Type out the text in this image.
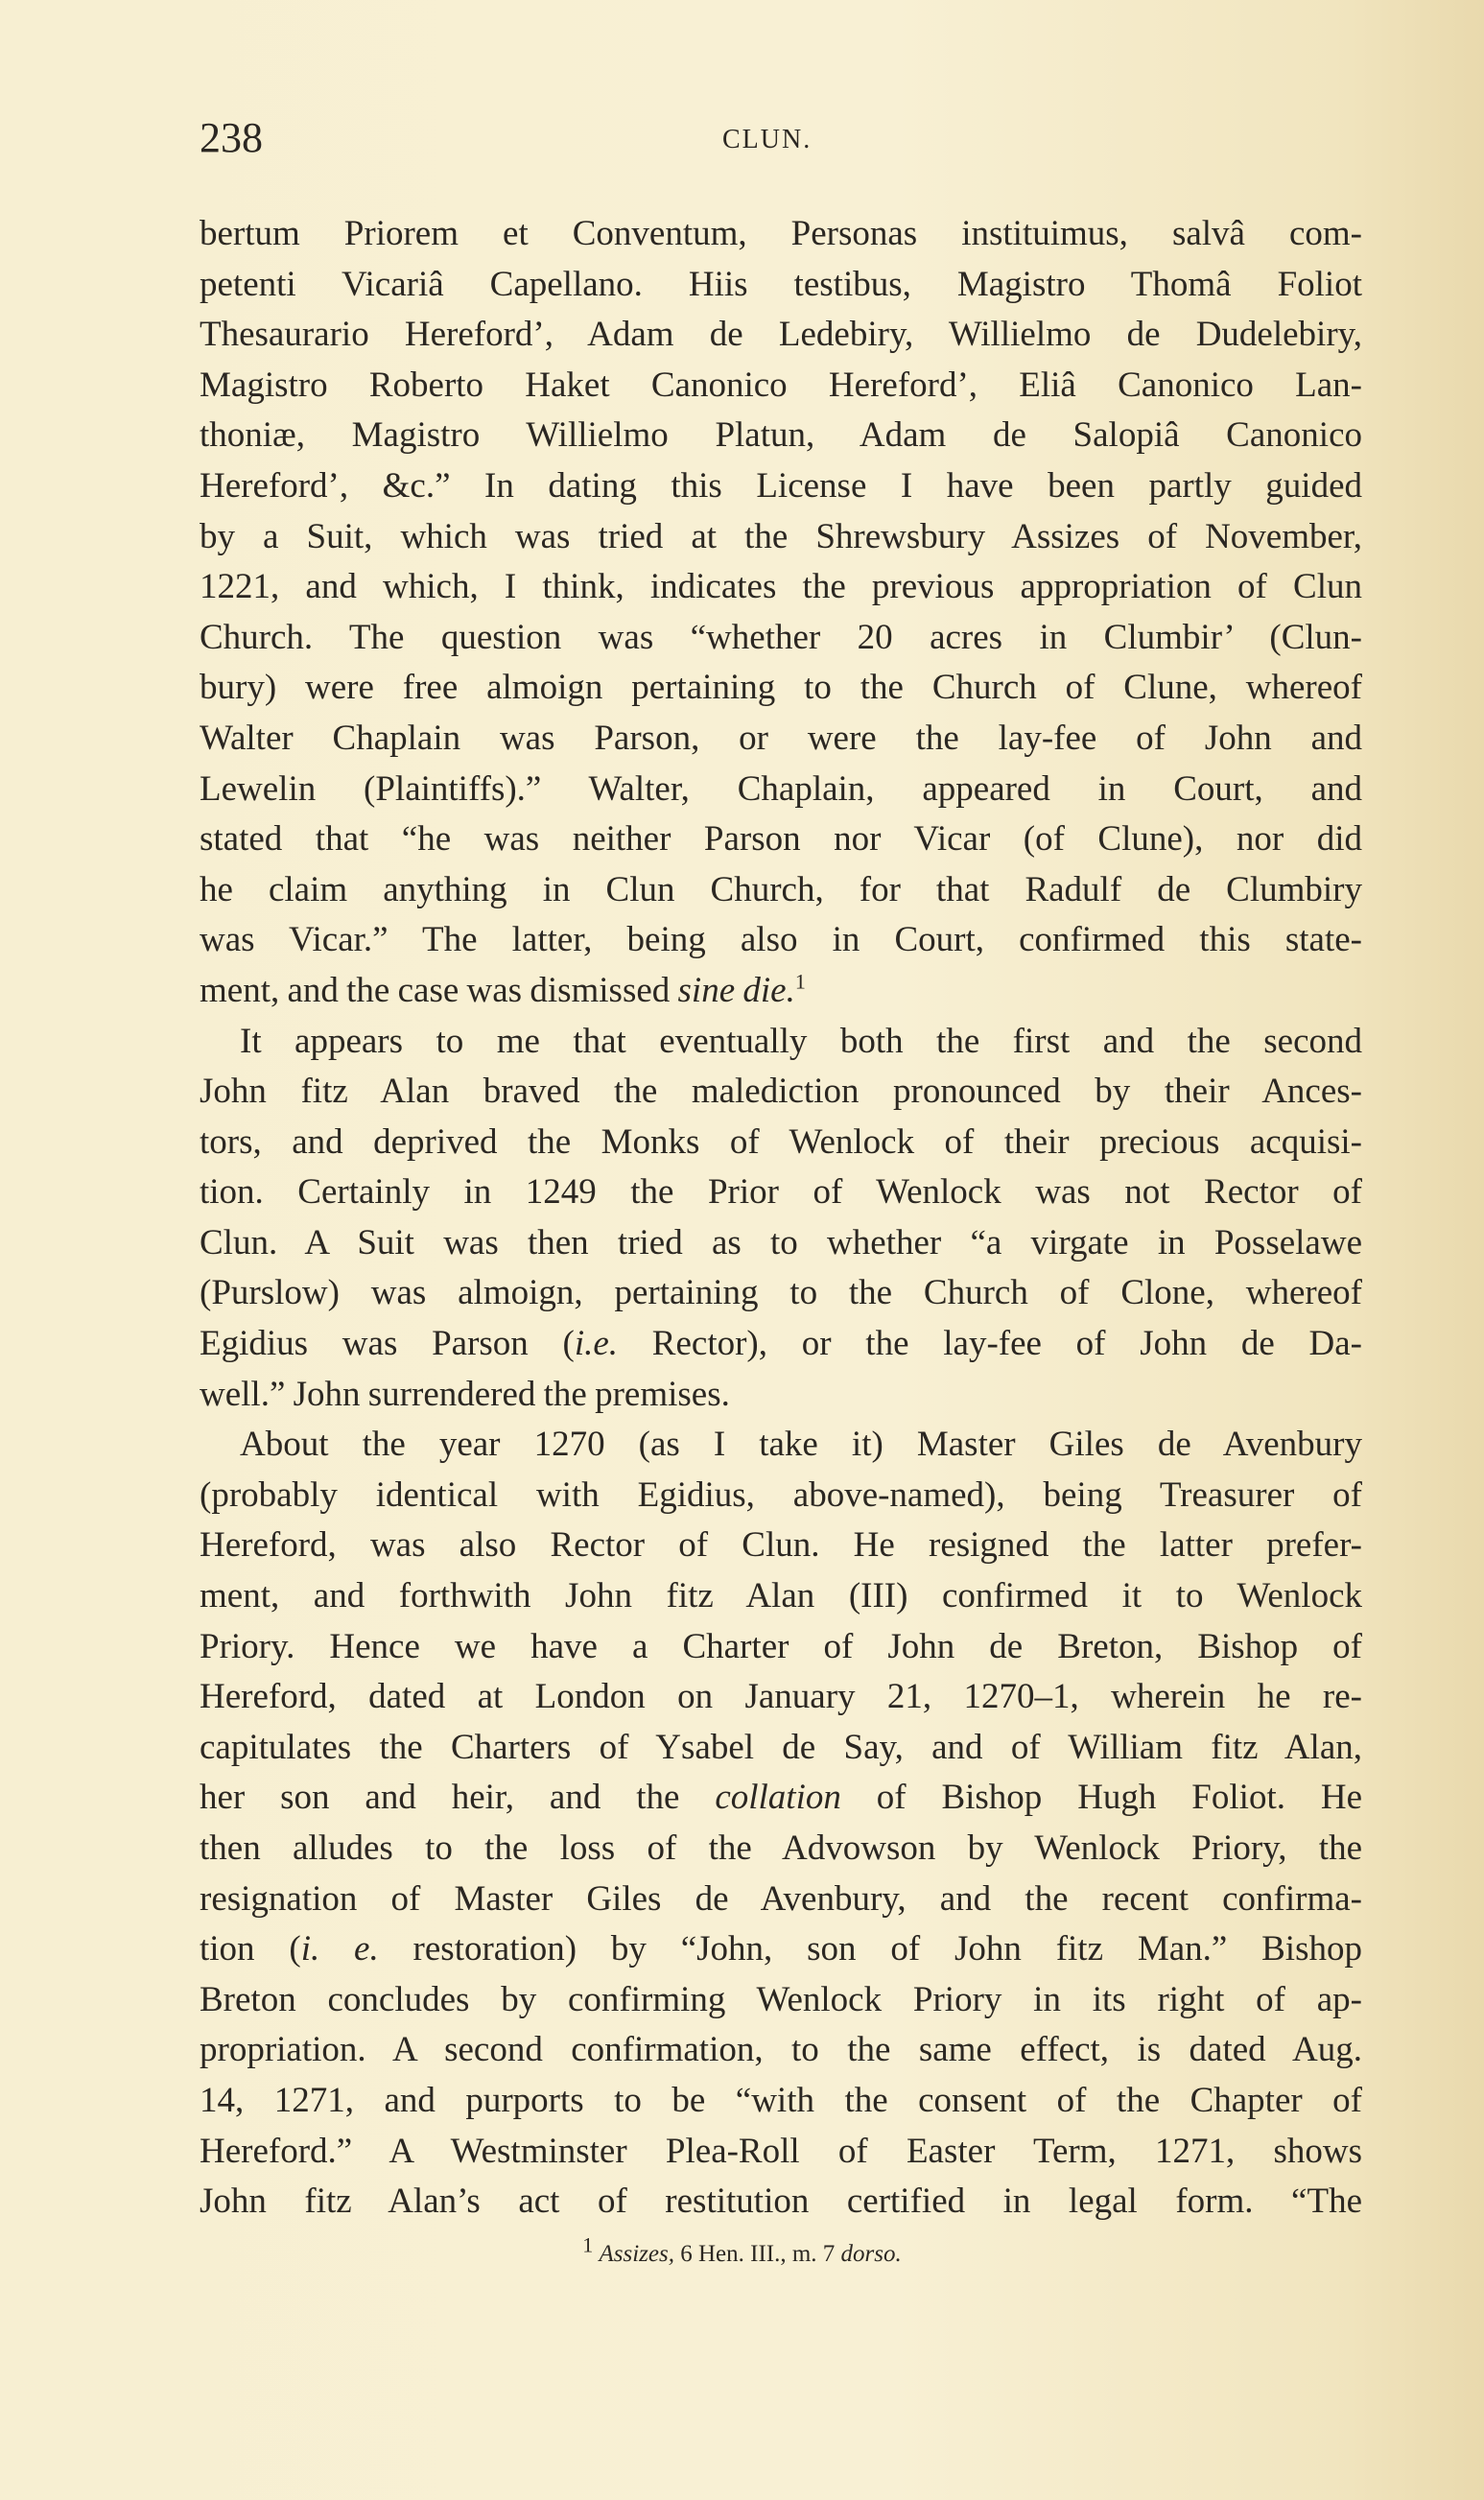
238	CLUN.
bertum Priorem et Conventum, Personas instituimus, salvâ com-
petenti Vicariâ Capellano. Hiis testibus, Magistro Thomâ Foliot
Thesaurario Hereford’, Adam de Ledebiry, Willielmo de Dudelebiry,
Magistro Roberto Haket Canonico Hereford’, Eliâ Canonico Lan-
thoniæ, Magistro Willielmo Platun, Adam de Salopiâ Canonico
Hereford’, &c.” In dating this License I have been partly guided
by a Suit, which was tried at the Shrewsbury Assizes of November,
1221, and which, I think, indicates the previous appropriation of Clun
Church. The question was “whether 20 acres in Clumbir’ (Clun-
bury) were free almoign pertaining to the Church of Clune, whereof
Walter Chaplain was Parson, or were the lay-fee of John and
Lewelin (Plaintiffs).” Walter, Chaplain, appeared in Court, and
stated that “he was neither Parson nor Vicar (of Clune), nor did
he claim anything in Clun Church, for that Radulf de Clumbiry
was Vicar.” The latter, being also in Court, confirmed this state-
ment, and the case was dismissed sine die.$^1$
It appears to me that eventually both the first and the second
John fitz Alan braved the malediction pronounced by their Ances-
tors, and deprived the Monks of Wenlock of their precious acquisi-
tion. Certainly in 1249 the Prior of Wenlock was not Rector of
Clun. A Suit was then tried as to whether “a virgate in Posselawe
(Purslow) was almoign, pertaining to the Church of Clone, whereof
Egidius was Parson (i.e. Rector), or the lay-fee of John de Da-
well.” John surrendered the premises.
About the year 1270 (as I take it) Master Giles de Avenbury
(probably identical with Egidius, above-named), being Treasurer of
Hereford, was also Rector of Clun. He resigned the latter prefer-
ment, and forthwith John fitz Alan (III) confirmed it to Wenlock
Priory. Hence we have a Charter of John de Breton, Bishop of
Hereford, dated at London on January 21, 1270–1, wherein he re-
capitulates the Charters of Ysabel de Say, and of William fitz Alan,
her son and heir, and the collation of Bishop Hugh Foliot. He
then alludes to the loss of the Advowson by Wenlock Priory, the
resignation of Master Giles de Avenbury, and the recent confirma-
tion (i. e. restoration) by “John, son of John fitz Man.” Bishop
Breton concludes by confirming Wenlock Priory in its right of ap-
propriation. A second confirmation, to the same effect, is dated Aug.
14, 1271, and purports to be “with the consent of the Chapter of
Hereford.” A Westminster Plea-Roll of Easter Term, 1271, shows
John fitz Alan’s act of restitution certified in legal form. “The
$^1$ Assizes, 6 Hen. III., m. 7 dorso.
